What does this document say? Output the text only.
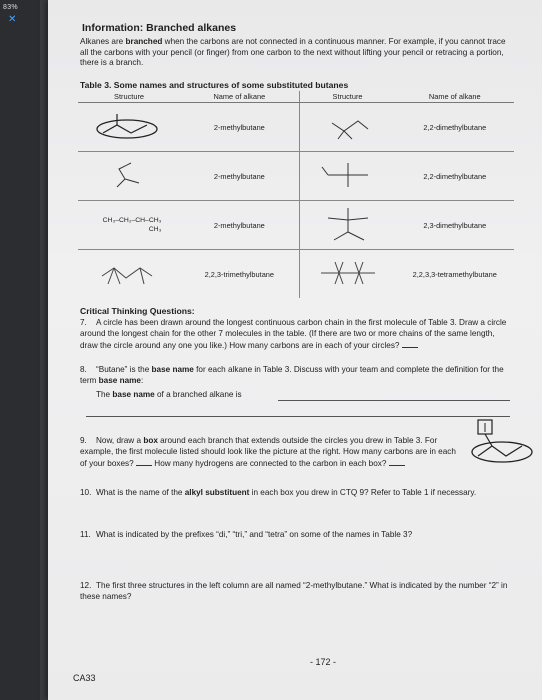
83%
✕
Information: Branched alkanes

Alkanes are branched when the carbons are not connected in a continuous manner. For example, if you cannot trace all the carbons with your pencil (or finger) from one carbon to the next without lifting your pencil or retracing a portion, there is a branch.

Table 3. Some names and structures of some substituted butanes
Structure	Name of alkane	Structure	Name of alkane
	2-methylbutane		2,2-dimethylbutane
	2-methylbutane		2,2-dimethylbutane

CH₃–CH₂–CH–CH₃
CH₃	2-methylbutane		2,3-dimethylbutane
	2,2,3-trimethylbutane		2,2,3,3-tetramethylbutane
Critical Thinking Questions:

7. A circle has been drawn around the longest continuous carbon chain in the first molecule of Table 3. Draw a circle around the longest chain for the other 7 molecules in the table. (If there are two or more chains of the same length, draw the circle around any one you like.) How many carbons are in each of your circles?

8. “Butane” is the base name for each alkane in Table 3. Discuss with your team and complete the definition for the term base name:

The base name of a branched alkane is

9. Now, draw a box around each branch that extends outside the circles you drew in Table 3. For example, the first molecule listed should look like the picture at the right. How many carbons are in each of your boxes?  How many hydrogens are connected to the carbon in each box?

10. What is the name of the alkyl substituent in each box you drew in CTQ 9? Refer to Table 1 if necessary.

11. What is indicated by the prefixes “di,” “tri,” and “tetra” on some of the names in Table 3?

12. The first three structures in the left column are all named “2-methylbutane.” What is indicated by the number “2” in these names?

- 172 -
CA33
